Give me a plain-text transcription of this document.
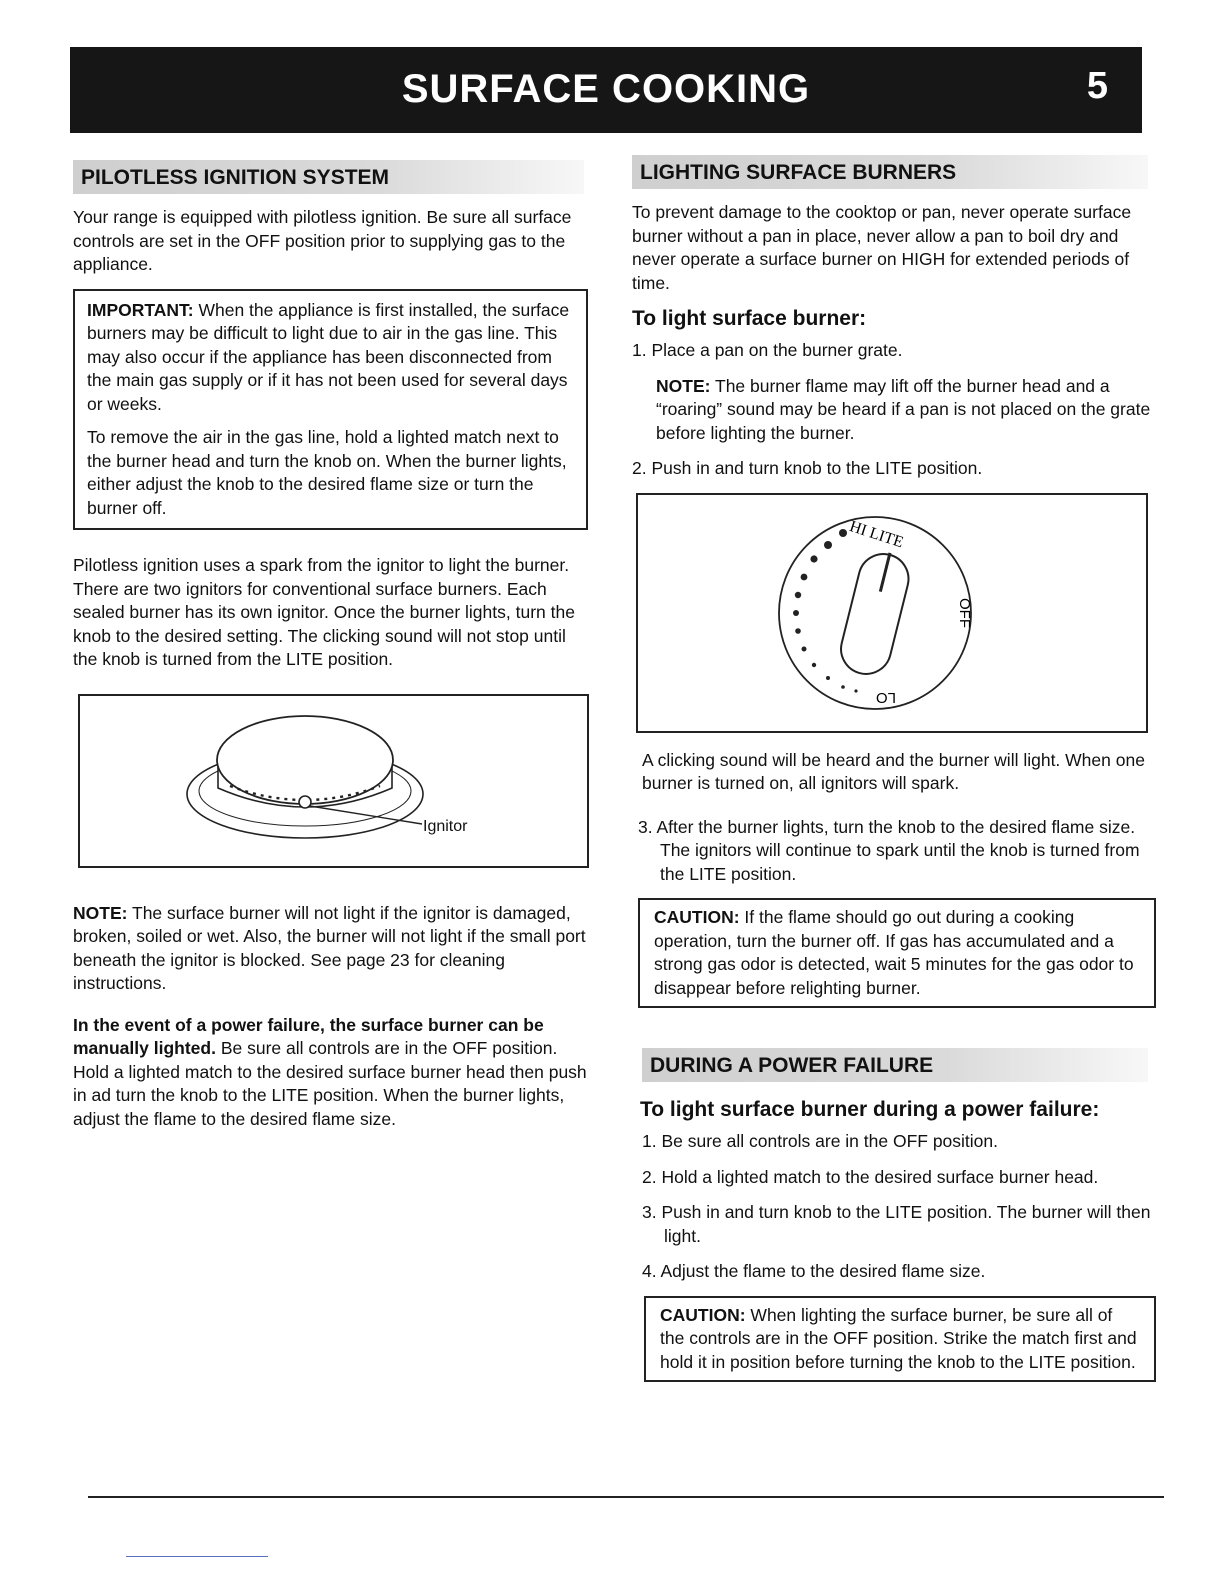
SURFACE COOKING	5
PILOTLESS IGNITION SYSTEM

Your range is equipped with pilotless ignition. Be sure all surface controls are set in the OFF position prior to supplying gas to the appliance.

IMPORTANT: When the appliance is first installed, the surface burners may be difficult to light due to air in the gas line. This may also occur if the appliance has been disconnected from the main gas supply or if it has not been used for several days or weeks.

To remove the air in the gas line, hold a lighted match next to the burner head and turn the knob on. When the burner lights, either adjust the knob to the desired flame size or turn the burner off.

Pilotless ignition uses a spark from the ignitor to light the burner. There are two ignitors for conventional surface burners. Each sealed burner has its own ignitor. Once the burner lights, turn the knob to the desired setting. The clicking sound will not stop until the knob is turned from the LITE position.

Ignitor

NOTE: The surface burner will not light if the ignitor is damaged, broken, soiled or wet. Also, the burner will not light if the small port beneath the ignitor is blocked. See page 23 for cleaning instructions.

In the event of a power failure, the surface burner can be manually lighted. Be sure all controls are in the OFF position. Hold a lighted match to the desired surface burner head then push in ad turn the knob to the LITE position. When the burner lights, adjust the flame to the desired flame size.

LIGHTING SURFACE BURNERS

To prevent damage to the cooktop or pan, never operate surface burner without a pan in place, never allow a pan to boil dry and never operate a surface burner on HIGH for extended periods of time.

To light surface burner:
1. Place a pan on the burner grate.
NOTE: The burner flame may lift off the burner head and a “roaring” sound may be heard if a pan is not placed on the grate before lighting the burner.
2. Push in and turn knob to the LITE position.
HI LITE
OFF
LO

A clicking sound will be heard and the burner will light. When one burner is turned on, all ignitors will spark.

3. After the burner lights, turn the knob to the desired flame size. The ignitors will continue to spark until the knob is turned from the LITE position.

CAUTION: If the flame should go out during a cooking operation, turn the burner off. If gas has accumulated and a strong gas odor is detected, wait 5 minutes for the gas odor to disappear before relighting burner.

DURING A POWER FAILURE
To light surface burner during a power failure:
1. Be sure all controls are in the OFF position.
2. Hold a lighted match to the desired surface burner head.
3. Push in and turn knob to the LITE position. The burner will then light.
4. Adjust the flame to the desired flame size.

CAUTION: When lighting the surface burner, be sure all of the controls are in the OFF position. Strike the match first and hold it in position before turning the knob to the LITE position.
